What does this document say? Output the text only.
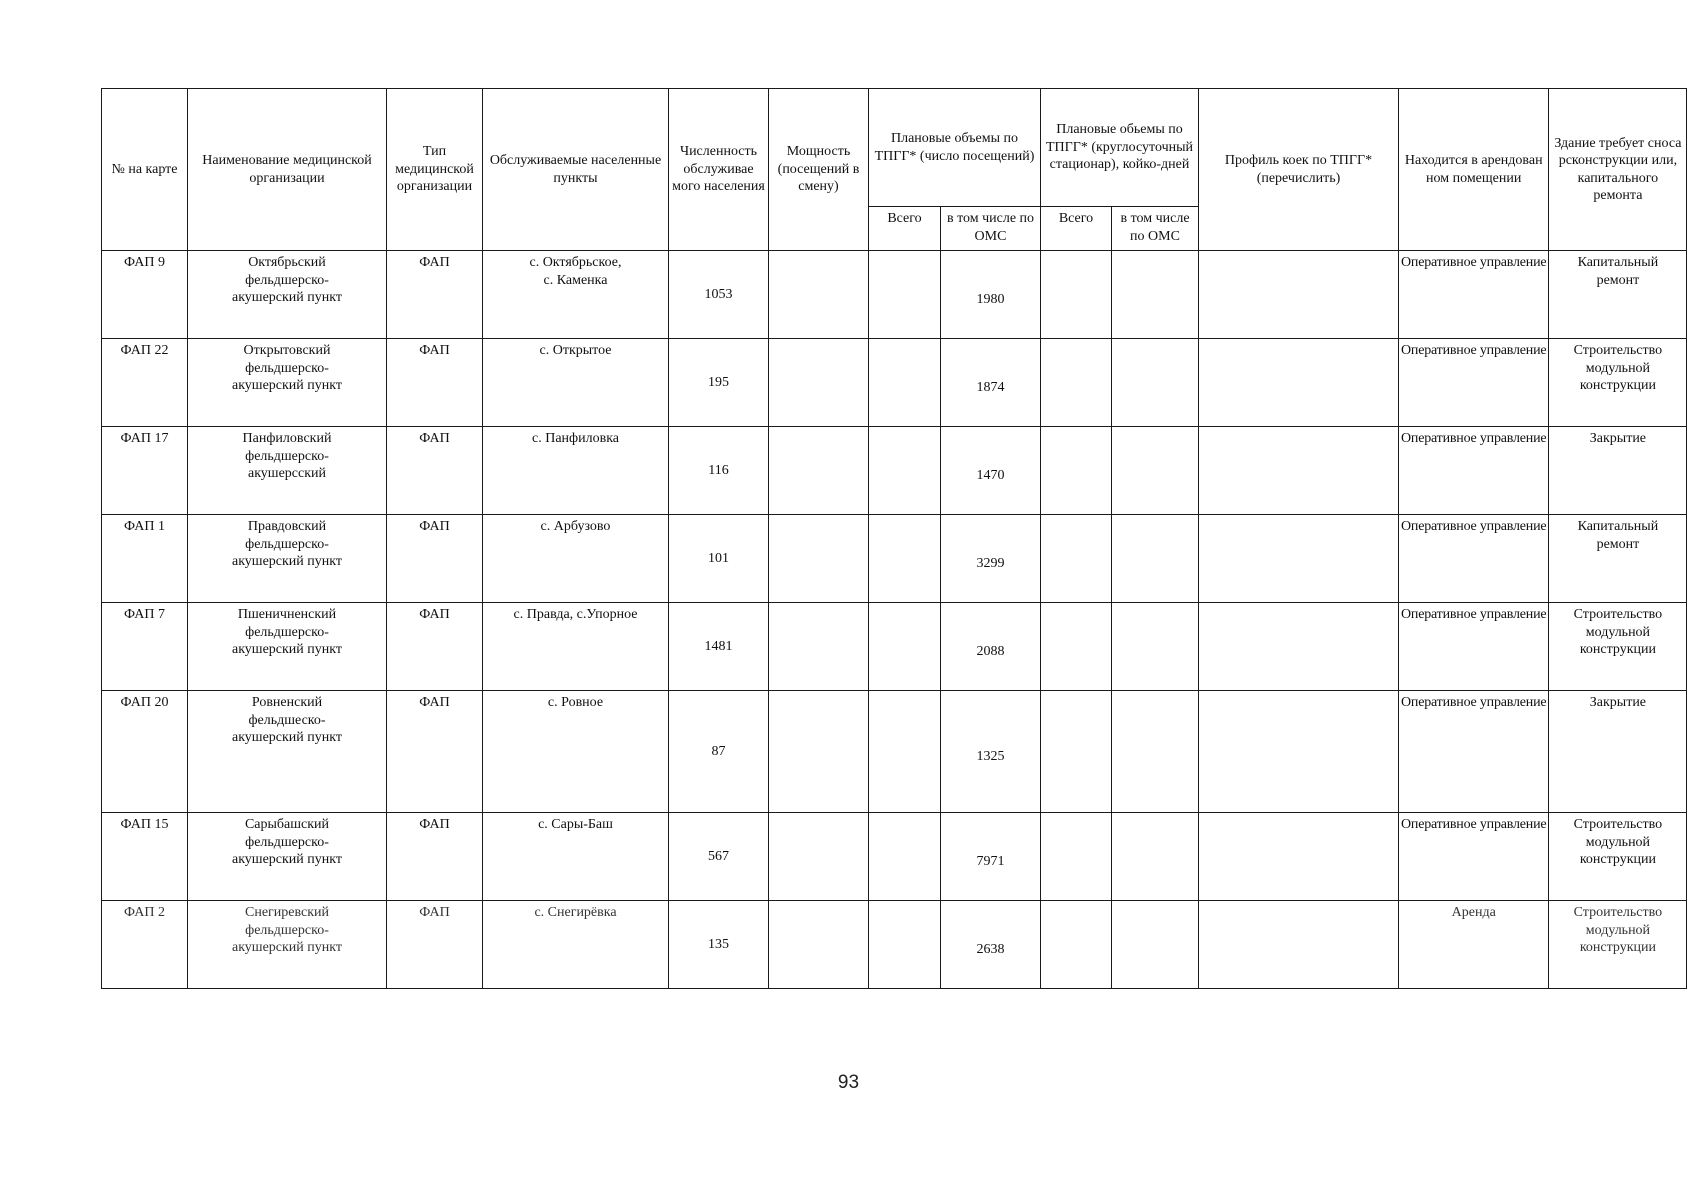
№ на карте	Наименование медицинской организации	Тип медицинской организации	Обслуживаемые населенные пункты	Численность обслуживае мого населения	Мощность (посещений в смену)	Плановые объемы по ТПГГ* (число посещений)		Плановые обьемы по ТПГГ* (круглосуточный стационар), койко-дней		Профиль коек по ТПГГ* (перечислить)	Находится в арендован ном помещении	Здание требует сноса рсконструкции или, капитального ремонта
						Всего	в том числе по ОМС	Всего	в том числе по ОМС			
ФАП 9	Октябрьский
фельдшерско-
акушерский пункт	ФАП	с. Октябрьское,
с. Каменка	1053			1980				Оперативное управление	Капитальный
ремонт
ФАП 22	Открытовский
фельдшерско-
акушерский пункт	ФАП	с. Открытое	195			1874				Оперативное управление	Строительство
модульной
конструкции
ФАП 17	Панфиловский
фельдшерско-
акушерсский	ФАП	с. Панфиловка	116			1470				Оперативное управление	Закрытие
ФАП 1	Правдовский
фельдшерско-
акушерский пункт	ФАП	с. Арбузово	101			3299				Оперативное управление	Капитальный
ремонт
ФАП 7	Пшеничненский
фельдшерско-
акушерский пункт	ФАП	с. Правда, с.Упорное	1481			2088				Оперативное управление	Строительство
модульной
конструкции
ФАП 20	Ровненский
фельдшеско-
акушерский пункт	ФАП	с. Ровное	87			1325				Оперативное управление	Закрытие
ФАП 15	Сарыбашский
фельдшерско-
акушерский пункт	ФАП	с. Сары-Баш	567			7971				Оперативное управление	Строительство
модульной
конструкции
ФАП 2	Снегиревский
фельдшерско-
акушерский пункт	ФАП	с. Снегирёвка	135			2638				Аренда	Строительство
модульной
конструкции
93
